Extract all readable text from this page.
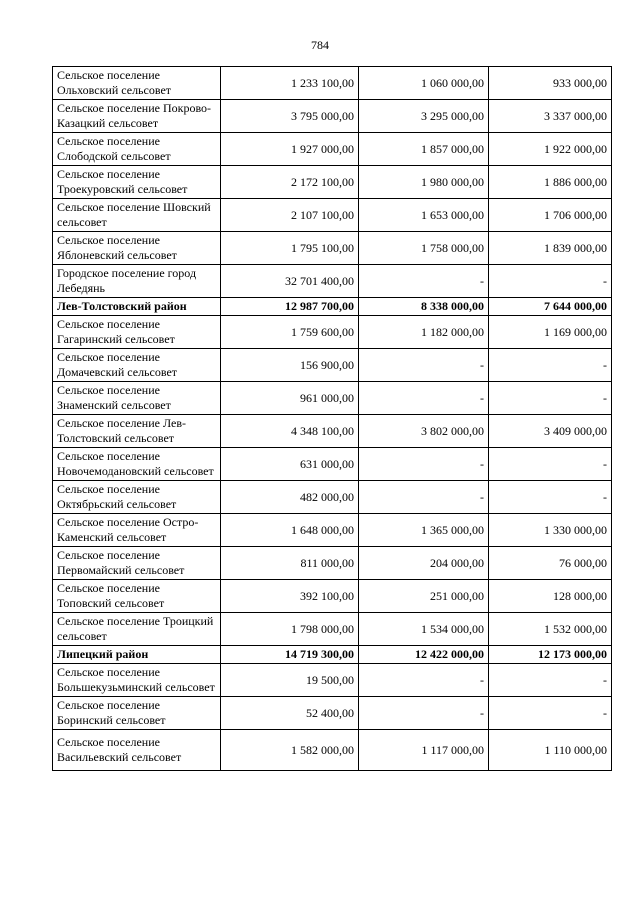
784
Сельское поселение Ольховский сельсовет	1 233 100,00	1 060 000,00	933 000,00
Сельское поселение Покрово-Казацкий сельсовет	3 795 000,00	3 295 000,00	3 337 000,00
Сельское поселение Слободской сельсовет	1 927 000,00	1 857 000,00	1 922 000,00
Сельское поселение Троекуровский сельсовет	2 172 100,00	1 980 000,00	1 886 000,00
Сельское поселение Шовский сельсовет	2 107 100,00	1 653 000,00	1 706 000,00
Сельское поселение Яблоневский сельсовет	1 795 100,00	1 758 000,00	1 839 000,00
Городское поселение город Лебедянь	32 701 400,00	-	-
Лев-Толстовский район	12 987 700,00	8 338 000,00	7 644 000,00
Сельское поселение Гагаринский сельсовет	1 759 600,00	1 182 000,00	1 169 000,00
Сельское поселение Домачевский сельсовет	156 900,00	-	-
Сельское поселение Знаменский сельсовет	961 000,00	-	-
Сельское поселение Лев-Толстовский сельсовет	4 348 100,00	3 802 000,00	3 409 000,00
Сельское поселение Новочемодановский сельсовет	631 000,00	-	-
Сельское поселение Октябрьский сельсовет	482 000,00	-	-
Сельское поселение Остро-Каменский сельсовет	1 648 000,00	1 365 000,00	1 330 000,00
Сельское поселение Первомайский сельсовет	811 000,00	204 000,00	76 000,00
Сельское поселение Топовский сельсовет	392 100,00	251 000,00	128 000,00
Сельское поселение Троицкий сельсовет	1 798 000,00	1 534 000,00	1 532 000,00
Липецкий район	14 719 300,00	12 422 000,00	12 173 000,00
Сельское поселение Большекузьминский сельсовет	19 500,00	-	-
Сельское поселение Боринский сельсовет	52 400,00	-	-
Сельское поселение Васильевский сельсовет	1 582 000,00	1 117 000,00	1 110 000,00
